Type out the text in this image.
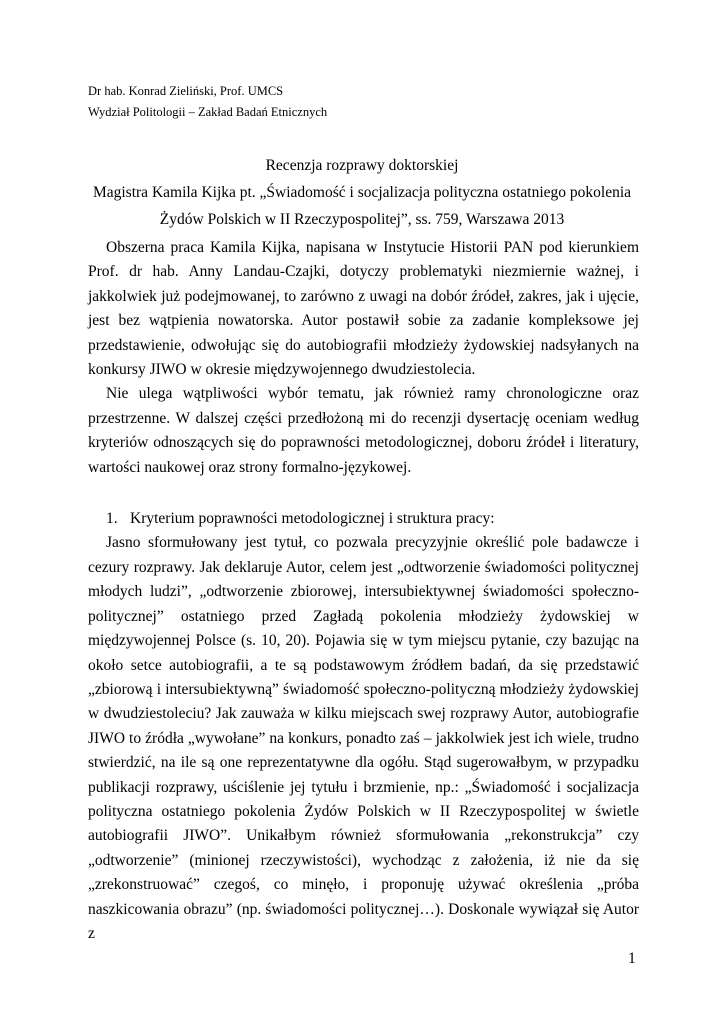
Dr hab. Konrad Zieliński, Prof. UMCS
Wydział Politologii – Zakład Badań Etnicznych
Recenzja rozprawy doktorskiej
Magistra Kamila Kijka pt. „Świadomość i socjalizacja polityczna ostatniego pokolenia
Żydów Polskich w II Rzeczypospolitej”, ss. 759, Warszawa 2013

Obszerna praca Kamila Kijka, napisana w Instytucie Historii PAN pod kierunkiem Prof. dr hab. Anny Landau-Czajki, dotyczy problematyki niezmiernie ważnej, i jakkolwiek już podejmowanej, to zarówno z uwagi na dobór źródeł, zakres, jak i ujęcie, jest bez wątpienia nowatorska. Autor postawił sobie za zadanie kompleksowe jej przedstawienie, odwołując się do autobiografii młodzieży żydowskiej nadsyłanych na konkursy JIWO w okresie międzywojennego dwudziestolecia.

Nie ulega wątpliwości wybór tematu, jak również ramy chronologiczne oraz przestrzenne. W dalszej części przedłożoną mi do recenzji dysertację oceniam według kryteriów odnoszących się do poprawności metodologicznej, doboru źródeł i literatury, wartości naukowej oraz strony formalno-językowej.

1. Kryterium poprawności metodologicznej i struktura pracy:

Jasno sformułowany jest tytuł, co pozwala precyzyjnie określić pole badawcze i cezury rozprawy. Jak deklaruje Autor, celem jest „odtworzenie świadomości politycznej młodych ludzi”, „odtworzenie zbiorowej, intersubiektywnej świadomości społeczno-politycznej” ostatniego przed Zagładą pokolenia młodzieży żydowskiej w międzywojennej Polsce (s. 10, 20). Pojawia się w tym miejscu pytanie, czy bazując na około setce autobiografii, a te są podstawowym źródłem badań, da się przedstawić „zbiorową i intersubiektywną” świadomość społeczno-polityczną młodzieży żydowskiej w dwudziestoleciu? Jak zauważa w kilku miejscach swej rozprawy Autor, autobiografie JIWO to źródła „wywołane” na konkurs, ponadto zaś – jakkolwiek jest ich wiele, trudno stwierdzić, na ile są one reprezentatywne dla ogółu. Stąd sugerowałbym, w przypadku publikacji rozprawy, uściślenie jej tytułu i brzmienie, np.: „Świadomość i socjalizacja polityczna ostatniego pokolenia Żydów Polskich w II Rzeczypospolitej w świetle autobiografii JIWO”. Unikałbym również sformułowania „rekonstrukcja” czy „odtworzenie” (minionej rzeczywistości), wychodząc z założenia, iż nie da się „zrekonstruować” czegoś, co minęło, i proponuję używać określenia „próba naszkicowania obrazu” (np. świadomości politycznej…). Doskonale wywiązał się Autor z

1
